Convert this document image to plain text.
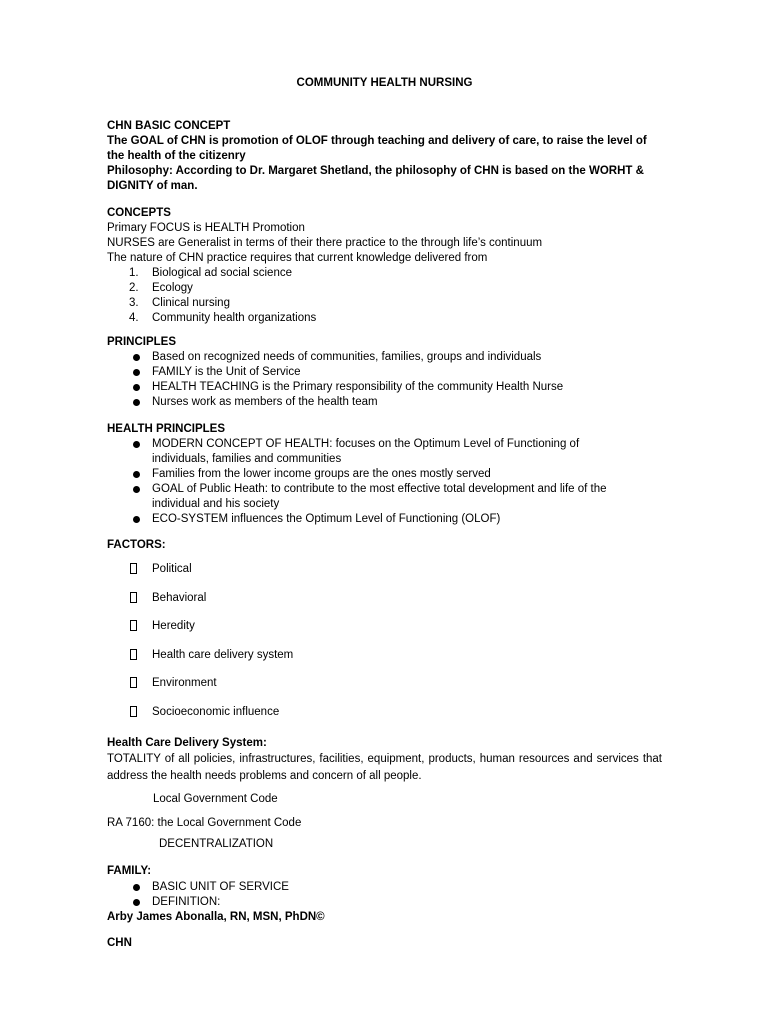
COMMUNITY HEALTH NURSING
CHN BASIC CONCEPT
The GOAL of CHN is promotion of OLOF through teaching and delivery of care, to raise the level of
the health of the citizenry
Philosophy: According to Dr. Margaret Shetland, the philosophy of CHN is based on the WORHT &
DIGNITY of man.
CONCEPTS
Primary FOCUS is HEALTH Promotion
NURSES are Generalist in terms of their there practice to the through life’s continuum
The nature of CHN practice requires that current knowledge delivered from
1. Biological ad social science
2. Ecology
3. Clinical nursing
4. Community health organizations
PRINCIPLES
Based on recognized needs of communities, families, groups and individuals
FAMILY is the Unit of Service
HEALTH TEACHING is the Primary responsibility of the community Health Nurse
Nurses work as members of the health team
HEALTH PRINCIPLES
MODERN CONCEPT OF HEALTH: focuses on the Optimum Level of Functioning of
individuals, families and communities
Families from the lower income groups are the ones mostly served
GOAL of Public Heath: to contribute to the most effective total development and life of the
individual and his society
ECO-SYSTEM influences the Optimum Level of Functioning (OLOF)
FACTORS:
Political
Behavioral
Heredity
Health care delivery system
Environment
Socioeconomic influence
Health Care Delivery System:
TOTALITY of all policies, infrastructures, facilities, equipment, products, human resources and services that address the health needs problems and concern of all people.
Local Government Code
RA 7160: the Local Government Code
DECENTRALIZATION
FAMILY:
BASIC UNIT OF SERVICE
DEFINITION:
Arby James Abonalla, RN, MSN, PhDN©
CHN
